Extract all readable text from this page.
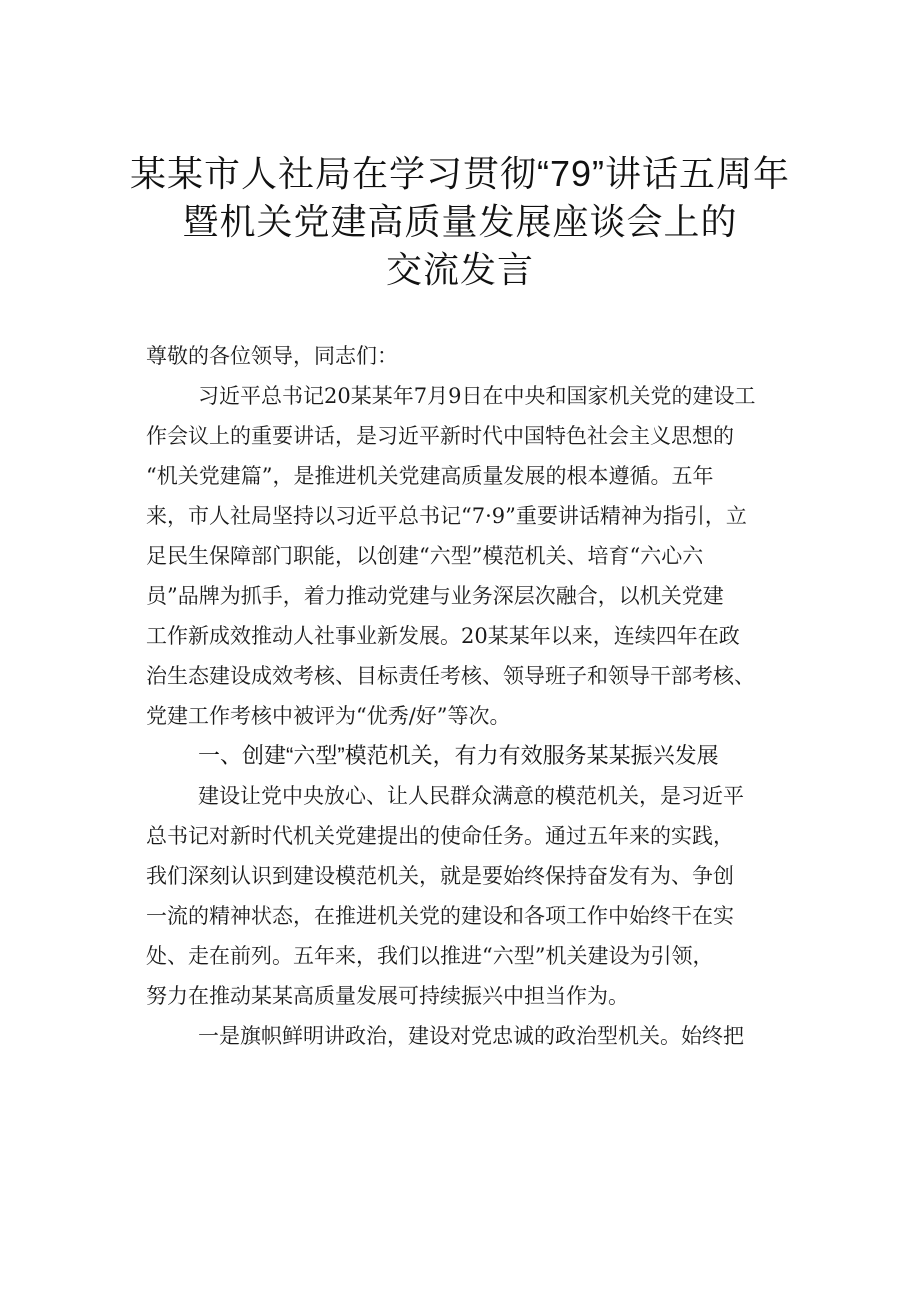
某某市人社局在学习贯彻“79”讲话五周年
暨机关党建高质量发展座谈会上的
交流发言
尊敬的各位领导，同志们：
习近平总书记20某某年7月9日在中央和国家机关党的建设工
作会议上的重要讲话，是习近平新时代中国特色社会主义思想的
“机关党建篇”，是推进机关党建高质量发展的根本遵循。五年
来，市人社局坚持以习近平总书记“7·9”重要讲话精神为指引，立
足民生保障部门职能，以创建“六型”模范机关、培育“六心六
员”品牌为抓手，着力推动党建与业务深层次融合，以机关党建
工作新成效推动人社事业新发展。20某某年以来，连续四年在政
治生态建设成效考核、目标责任考核、领导班子和领导干部考核、
党建工作考核中被评为“优秀/好”等次。
一、创建“六型”模范机关，有力有效服务某某振兴发展
建设让党中央放心、让人民群众满意的模范机关，是习近平
总书记对新时代机关党建提出的使命任务。通过五年来的实践，
我们深刻认识到建设模范机关，就是要始终保持奋发有为、争创
一流的精神状态，在推进机关党的建设和各项工作中始终干在实
处、走在前列。五年来，我们以推进“六型”机关建设为引领，
努力在推动某某高质量发展可持续振兴中担当作为。
一是旗帜鲜明讲政治，建设对党忠诚的政治型机关。始终把
